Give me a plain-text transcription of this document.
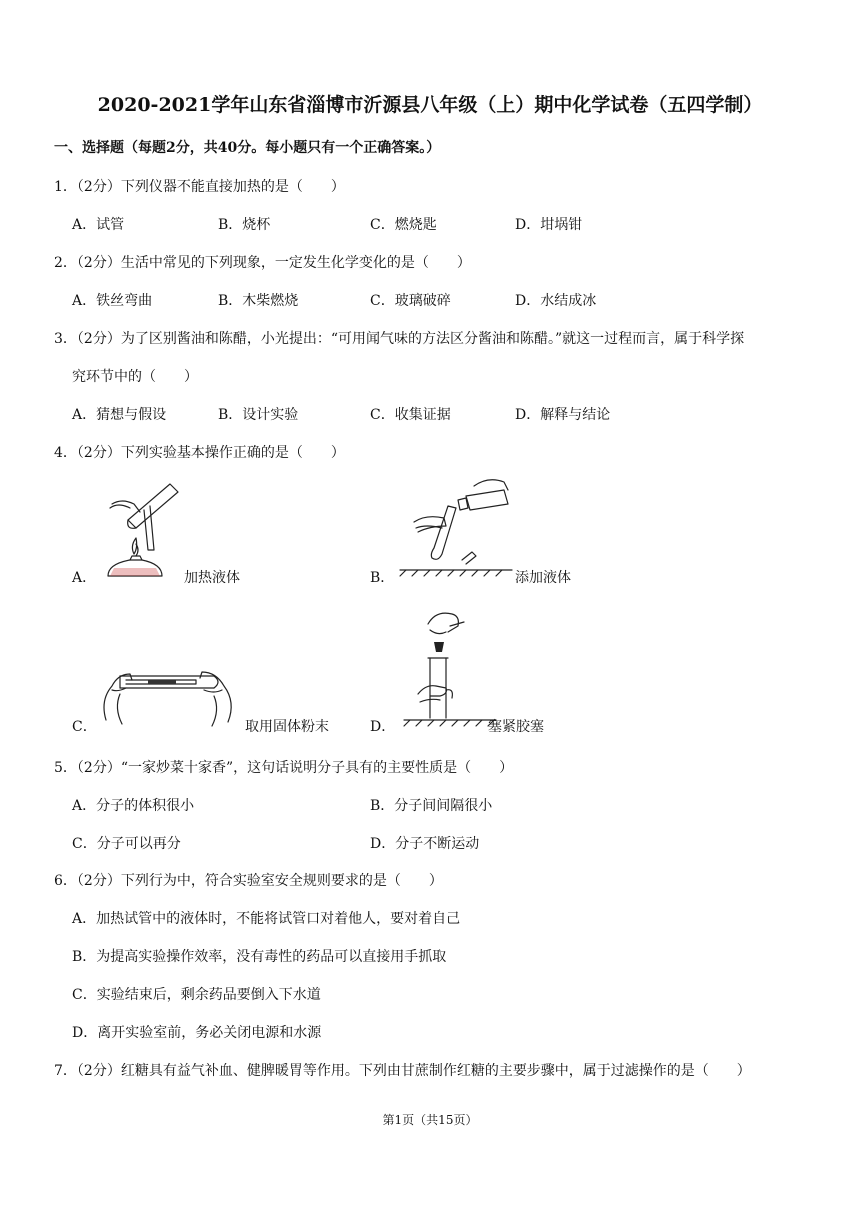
2020-2021学年山东省淄博市沂源县八年级（上）期中化学试卷（五四学制）
一、选择题（每题2分，共40分。每小题只有一个正确答案。）
1．（2分）下列仪器不能直接加热的是（　　）
A．试管	B．烧杯	C．燃烧匙	D．坩埚钳
2．（2分）生活中常见的下列现象，一定发生化学变化的是（　　）
A．铁丝弯曲	B．木柴燃烧	C．玻璃破碎	D．水结成冰
3．（2分）为了区别酱油和陈醋，小光提出：“可用闻气味的方法区分酱油和陈醋。”就这一过程而言，属于科学探
究环节中的（　　）
A．猜想与假设	B．设计实验	C．收集证据	D．解释与结论
4．（2分）下列实验基本操作正确的是（　　）
A．	加热液体	B．	添加液体
C．	取用固体粉末	D．	塞紧胶塞
5．（2分）“一家炒菜十家香”，这句话说明分子具有的主要性质是（　　）
A．分子的体积很小	B．分子间间隔很小
C．分子可以再分	D．分子不断运动
6．（2分）下列行为中，符合实验室安全规则要求的是（　　）
A．加热试管中的液体时，不能将试管口对着他人，要对着自己
B．为提高实验操作效率，没有毒性的药品可以直接用手抓取
C．实验结束后，剩余药品要倒入下水道
D．离开实验室前，务必关闭电源和水源
7．（2分）红糖具有益气补血、健脾暖胃等作用。下列由甘蔗制作红糖的主要步骤中，属于过滤操作的是（　　）
第1页（共15页）
